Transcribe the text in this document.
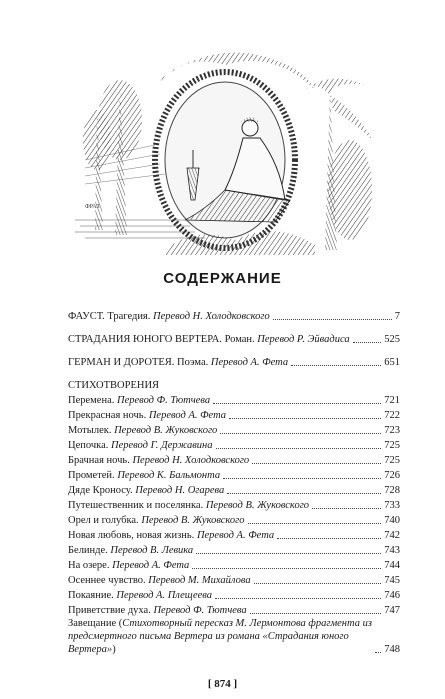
ФРАЗ
СОДЕРЖАНИЕ
ФАУСТ. Трагедия. Перевод Н. Холодковского	7
СТРАДАНИЯ ЮНОГО ВЕРТЕРА. Роман. Перевод Р. Эйвадиса	525
ГЕРМАН И ДОРОТЕЯ. Поэма. Перевод А. Фета	651
СТИХОТВОРЕНИЯ
Перемена. Перевод Ф. Тютчева	721
Прекрасная ночь. Перевод А. Фета	722
Мотылек. Перевод В. Жуковского	723
Цепочка. Перевод Г. Державина	725
Брачная ночь. Перевод Н. Холодковского	725
Прометей. Перевод К. Бальмонта	726
Дядe Кроносу. Перевод Н. Огарева	728
Путешественник и поселянка. Перевод В. Жуковского	733
Орел и голубка. Перевод В. Жуковского	740
Новая любовь, новая жизнь. Перевод А. Фета	742
Белинде. Перевод В. Левика	743
На озере. Перевод А. Фета	744
Осеннее чувство. Перевод М. Михайлова	745
Покаяние. Перевод А. Плещеева	746
Приветствие духа. Перевод Ф. Тютчева	747
Завещание (Стихотворный пересказ М. Лермонтова фрагмента из предсмертного письма Вертера из романа «Страдания юного Вертера»)	748
[ 874 ]
